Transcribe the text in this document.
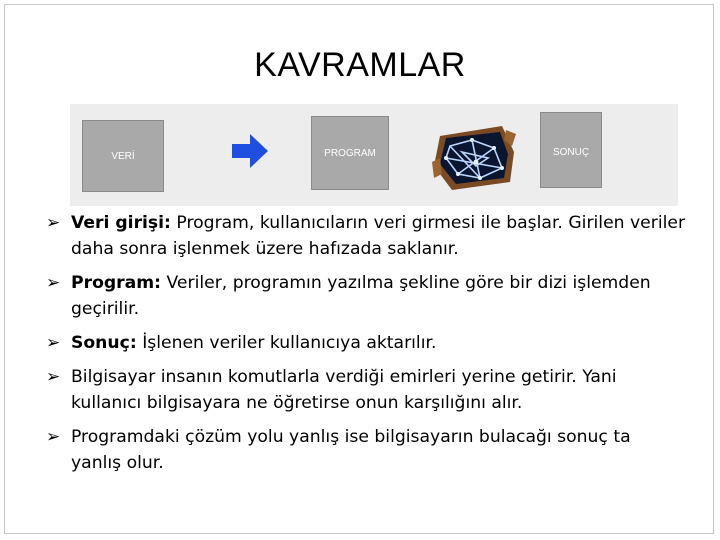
KAVRAMLAR
VERİ	PROGRAM	SONUÇ
➢ Veri girişi: Program, kullanıcıların veri girmesi ile başlar. Girilen veriler daha sonra işlenmek üzere hafızada saklanır.
➢ Program: Veriler, programın yazılma şekline göre bir dizi işlemden geçirilir.
➢ Sonuç: İşlenen veriler kullanıcıya aktarılır.
➢ Bilgisayar insanın komutlarla verdiği emirleri yerine getirir. Yani kullanıcı bilgisayara ne öğretirse onun karşılığını alır.
➢ Programdaki çözüm yolu yanlış ise bilgisayarın bulacağı sonuç ta yanlış olur.
